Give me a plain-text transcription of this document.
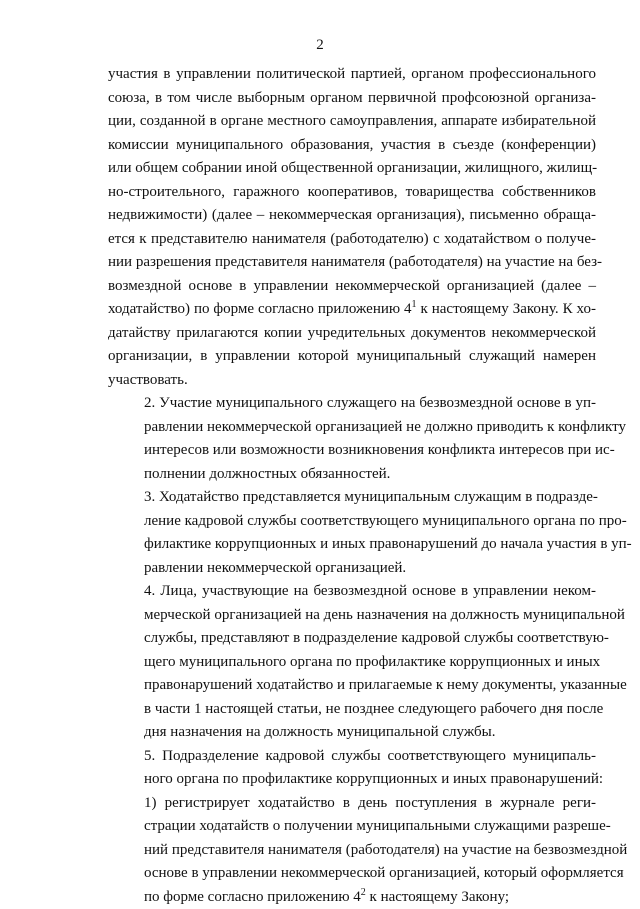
2

участия в управлении политической партией, органом профессионального
союза, в том числе выборным органом первичной профсоюзной организа-
ции, созданной в органе местного самоуправления, аппарате избирательной
комиссии муниципального образования, участия в съезде (конференции)
или общем собрании иной общественной организации, жилищного, жилищ-
но-строительного, гаражного кооперативов, товарищества собственников
недвижимости) (далее – некоммерческая организация), письменно обраща-
ется к представителю нанимателя (работодателю) с ходатайством о получе-
нии разрешения представителя нанимателя (работодателя) на участие на без-
возмездной основе в управлении некоммерческой организацией (далее –
ходатайство) по форме согласно приложению $4^1$ к настоящему Закону. К хо-
датайству прилагаются копии учредительных документов некоммерческой
организации, в управлении которой муниципальный служащий намерен
участвовать.

2. Участие муниципального служащего на безвозмездной основе в уп-
равлении некоммерческой организацией не должно приводить к конфликту
интересов или возможности возникновения конфликта интересов при ис-
полнении должностных обязанностей.

3. Ходатайство представляется муниципальным служащим в подразде-
ление кадровой службы соответствующего муниципального органа по про-
филактике коррупционных и иных правонарушений до начала участия в уп-
равлении некоммерческой организацией.

4. Лица, участвующие на безвозмездной основе в управлении неком-
мерческой организацией на день назначения на должность муниципальной
службы, представляют в подразделение кадровой службы соответствую-
щего муниципального органа по профилактике коррупционных и иных
правонарушений ходатайство и прилагаемые к нему документы, указанные
в части 1 настоящей статьи, не позднее следующего рабочего дня после
дня назначения на должность муниципальной службы.

5. Подразделение кадровой службы соответствующего муниципаль-
ного органа по профилактике коррупционных и иных правонарушений:

1) регистрирует ходатайство в день поступления в журнале реги-
страции ходатайств о получении муниципальными служащими разреше-
ний представителя нанимателя (работодателя) на участие на безвозмездной
основе в управлении некоммерческой организацией, который оформляется
по форме согласно приложению $4^2$ к настоящему Закону;
